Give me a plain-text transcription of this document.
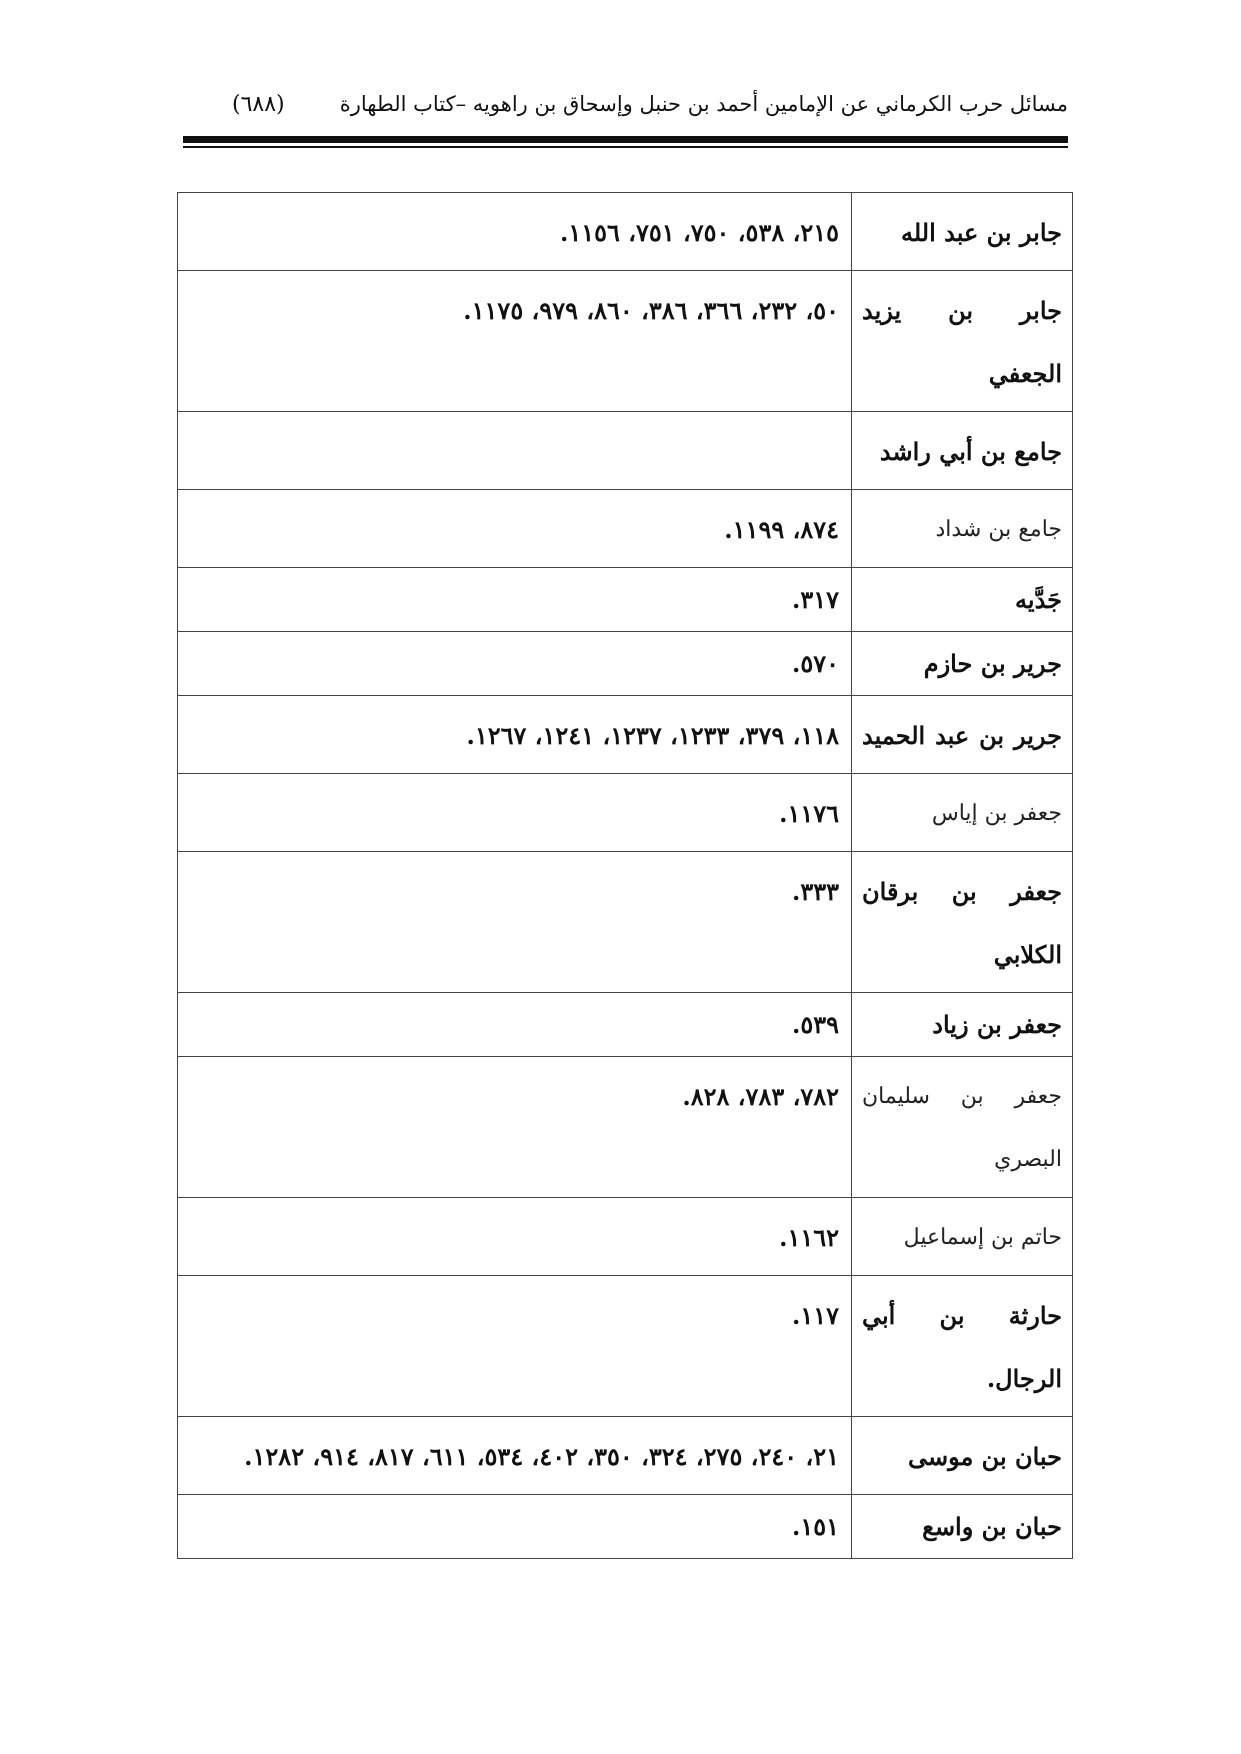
مسائل حرب الكرماني عن الإمامين أحمد بن حنبل وإسحاق بن راهويه –كتاب الطهارة
(٦٨٨)
جابر بن عبد الله	٢١٥، ٥٣٨، ٧٥٠، ٧٥١، ١١٥٦.
جابر بن يزيد الجعفي	٥٠، ٢٣٢، ٣٦٦، ٣٨٦، ٨٦٠، ٩٧٩، ١١٧٥.
جامع بن أبي راشد	
جامع بن شداد	٨٧٤، ١١٩٩.
جَدَّيه	٣١٧.
جرير بن حازم	٥٧٠.
جرير بن عبد الحميد	١١٨، ٣٧٩، ١٢٣٣، ١٢٣٧، ١٢٤١، ١٢٦٧.
جعفر بن إياس	١١٧٦.
جعفر بن برقان الكلابي	٣٣٣.
جعفر بن زياد	٥٣٩.
جعفر بن سليمان البصري	٧٨٢، ٧٨٣، ٨٢٨.
حاتم بن إسماعيل	١١٦٢.
حارثة بن أبي الرجال.	١١٧.
حبان بن موسى	٢١، ٢٤٠، ٢٧٥، ٣٢٤، ٣٥٠، ٤٠٢، ٥٣٤، ٦١١، ٨١٧، ٩١٤، ١٢٨٢.
حبان بن واسع	١٥١.
